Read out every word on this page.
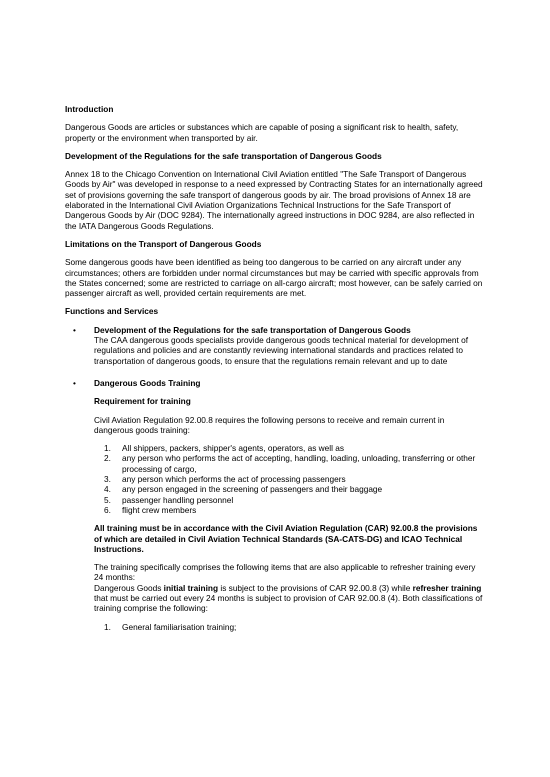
Introduction

Dangerous Goods are articles or substances which are capable of posing a significant risk to health, safety, property or the environment when transported by air.

Development of the Regulations for the safe transportation of Dangerous Goods

Annex 18 to the Chicago Convention on International Civil Aviation entitled "The Safe Transport of Dangerous Goods by Air" was developed in response to a need expressed by Contracting States for an internationally agreed set of provisions governing the safe transport of dangerous goods by air. The broad provisions of Annex 18 are elaborated in the International Civil Aviation Organizations Technical Instructions for the Safe Transport of Dangerous Goods by Air (DOC 9284). The internationally agreed instructions in DOC 9284, are also reflected in the IATA Dangerous Goods Regulations.

Limitations on the Transport of Dangerous Goods

Some dangerous goods have been identified as being too dangerous to be carried on any aircraft under any circumstances; others are forbidden under normal circumstances but may be carried with specific approvals from the States concerned; some are restricted to carriage on all-cargo aircraft; most however, can be safely carried on passenger aircraft as well, provided certain requirements are met.

Functions and Services
• Development of the Regulations for the safe transportation of Dangerous Goods
The CAA dangerous goods specialists provide dangerous goods technical material for development of regulations and policies and are constantly reviewing international standards and practices related to transportation of dangerous goods, to ensure that the regulations remain relevant and up to date
• Dangerous Goods Training
Requirement for training

Civil Aviation Regulation 92.00.8 requires the following persons to receive and remain current in dangerous goods training:

1. All shippers, packers, shipper's agents, operators, as well as
2. any person who performs the act of accepting, handling, loading, unloading, transferring or other processing of cargo,
3. any person which performs the act of processing passengers
4. any person engaged in the screening of passengers and their baggage
5. passenger handling personnel
6. flight crew members

All training must be in accordance with the Civil Aviation Regulation (CAR) 92.00.8 the provisions of which are detailed in Civil Aviation Technical Standards (SA-CATS-DG) and ICAO Technical Instructions.

The training specifically comprises the following items that are also applicable to refresher training every 24 months:
Dangerous Goods initial training is subject to the provisions of CAR 92.00.8 (3) while refresher training that must be carried out every 24 months is subject to provision of CAR 92.00.8 (4). Both classifications of training comprise the following:

1. General familiarisation training;
